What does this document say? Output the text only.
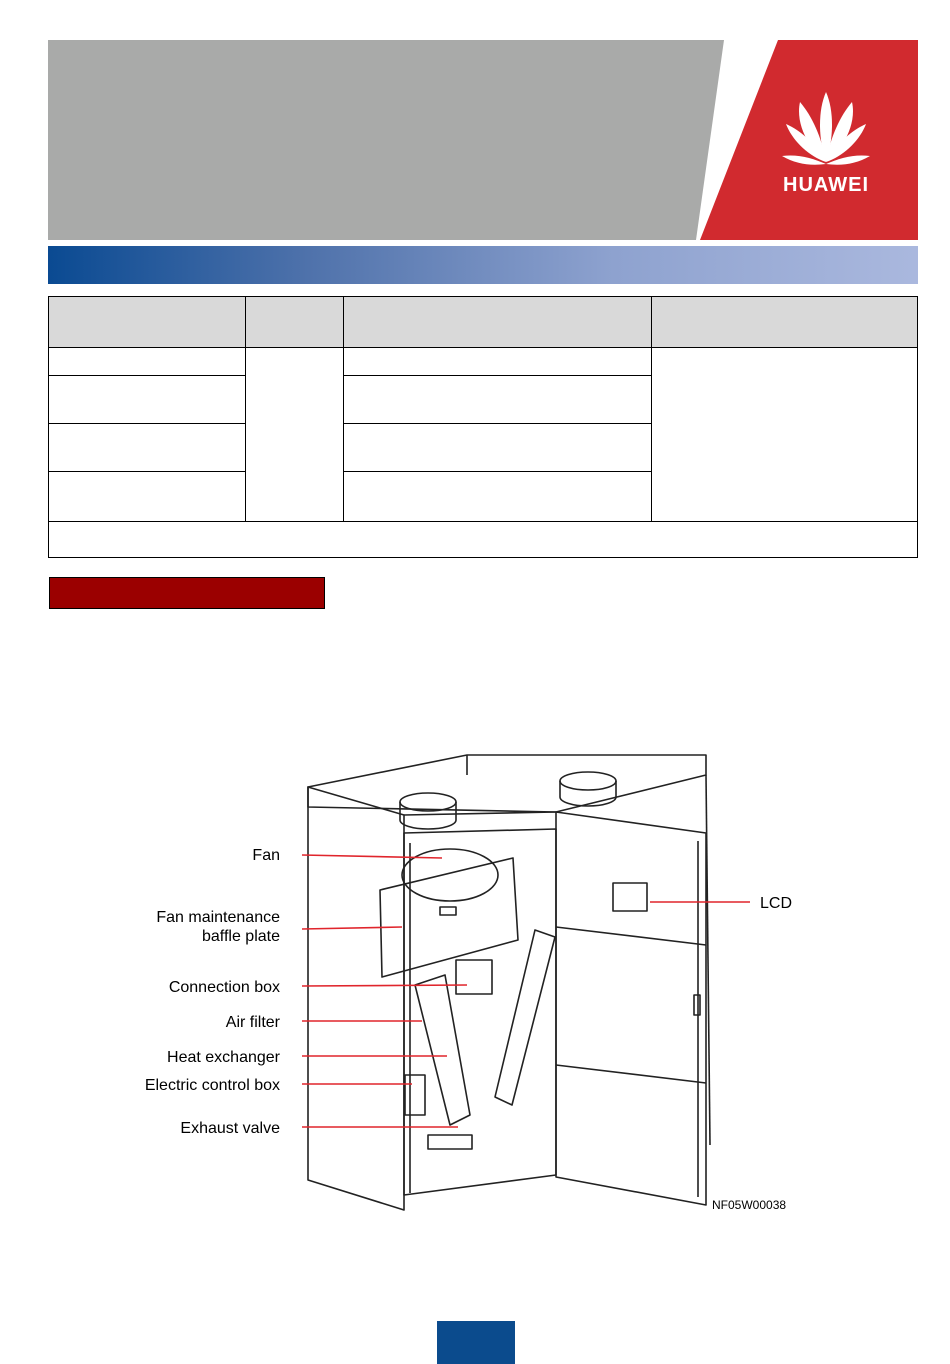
HUAWEI

Fan
Fan maintenance baffle plate
Connection box
Air filter
Heat exchanger
Electric control box
Exhaust valve
LCD
NF05W00038
